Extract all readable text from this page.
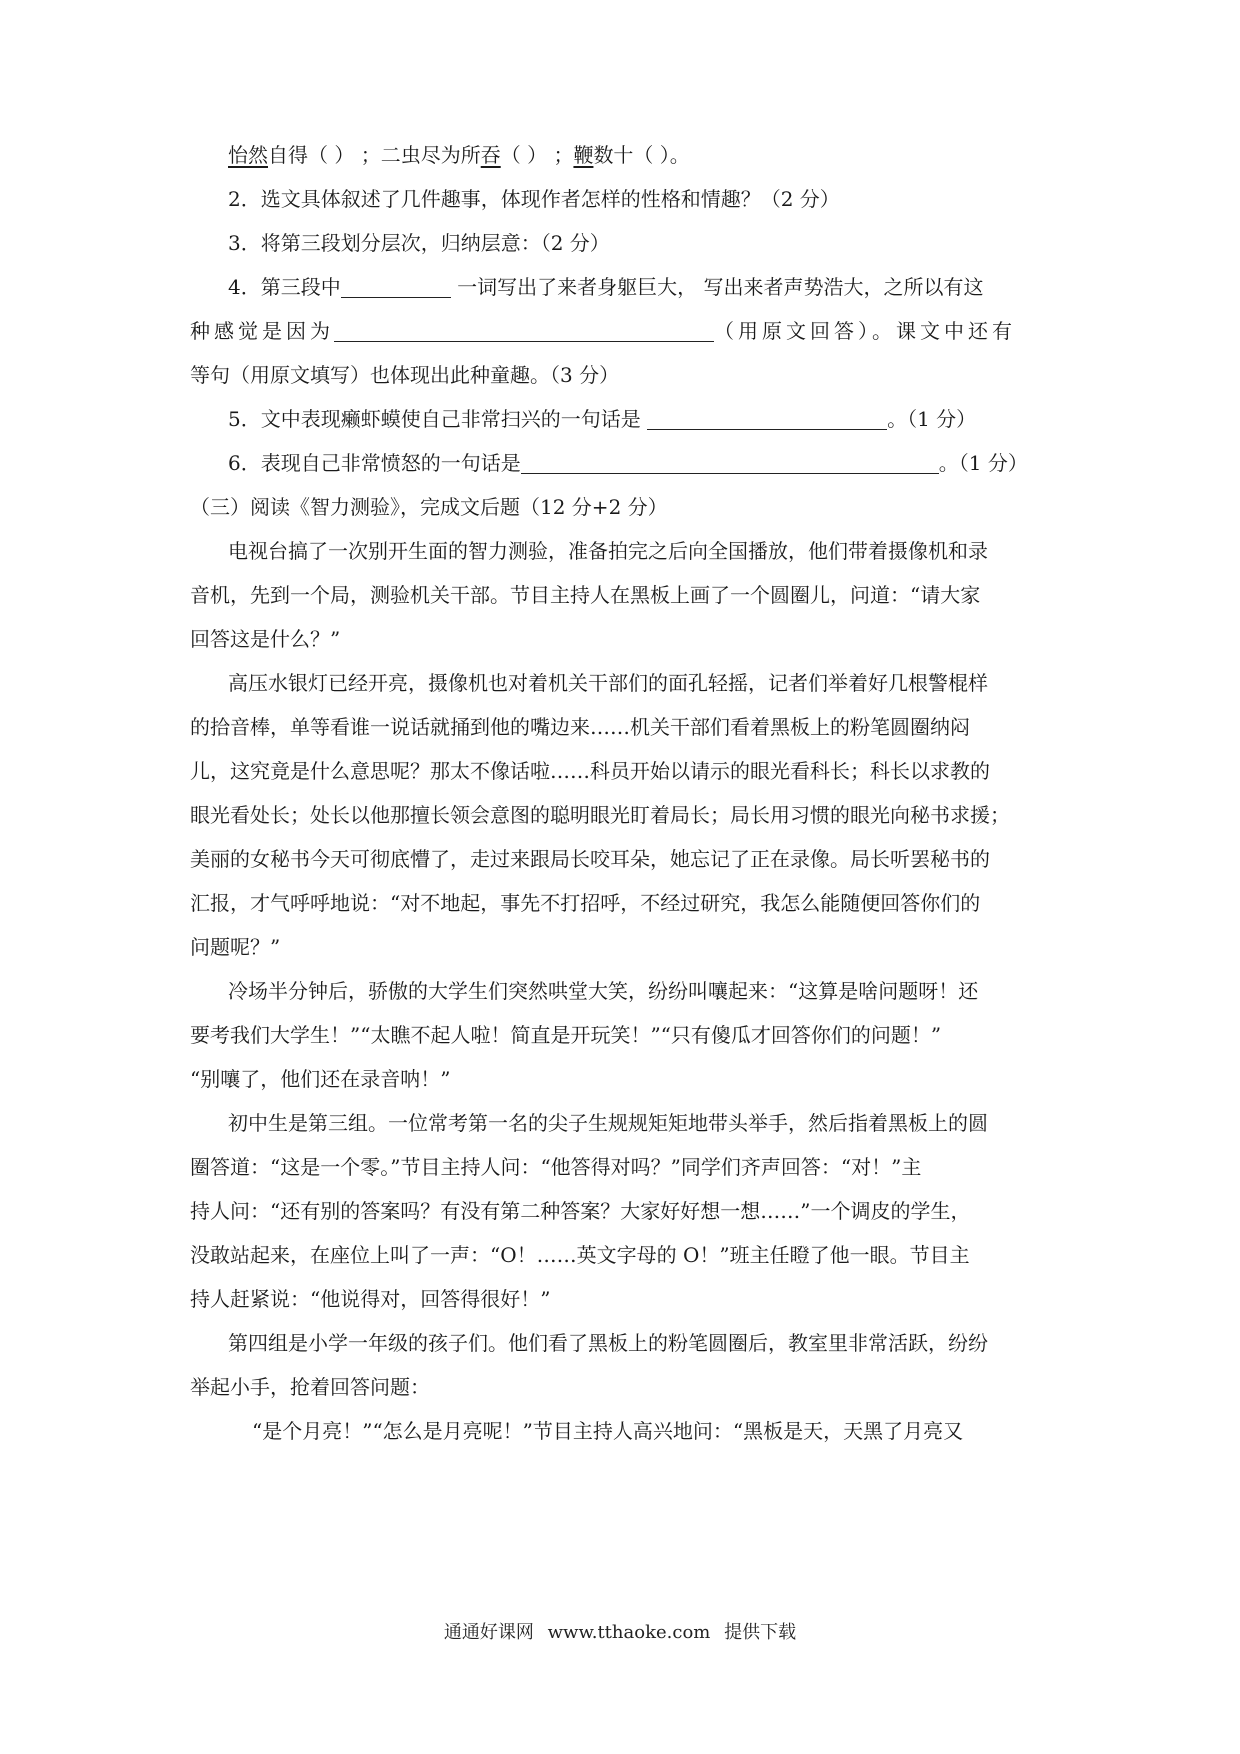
怡然自得（ ） ；二虫尽为所吞（ ） ；鞭数十（ ）。
2．选文具体叙述了几件趣事，体现作者怎样的性格和情趣？（2 分）
3．将第三段划分层次，归纳层意：（2 分）
4．第三段中	一词写出了来者身躯巨大， 写出来者声势浩大，之所以有这
种感觉是因为	（用原文回答）。课文中还有
等句（用原文填写）也体现出此种童趣。（3 分）
5．文中表现癞虾蟆使自己非常扫兴的一句话是	。（1 分）
6．表现自己非常愤怒的一句话是	。（1 分）
（三）阅读《智力测验》，完成文后题（12 分+2 分）
电视台搞了一次别开生面的智力测验，准备拍完之后向全国播放，他们带着摄像机和录
音机，先到一个局，测验机关干部。节目主持人在黑板上画了一个圆圈儿，问道：“请大家
回答这是什么？”
高压水银灯已经开亮，摄像机也对着机关干部们的面孔轻摇，记者们举着好几根警棍样
的拾音棒，单等看谁一说话就捅到他的嘴边来……机关干部们看着黑板上的粉笔圆圈纳闷
儿，这究竟是什么意思呢？那太不像话啦……科员开始以请示的眼光看科长；科长以求教的
眼光看处长；处长以他那擅长领会意图的聪明眼光盯着局长；局长用习惯的眼光向秘书求援；
美丽的女秘书今天可彻底懵了，走过来跟局长咬耳朵，她忘记了正在录像。局长听罢秘书的
汇报，才气呼呼地说：“对不地起，事先不打招呼，不经过研究，我怎么能随便回答你们的
问题呢？”
冷场半分钟后，骄傲的大学生们突然哄堂大笑，纷纷叫嚷起来：“这算是啥问题呀！还
要考我们大学生！”“太瞧不起人啦！简直是开玩笑！”“只有傻瓜才回答你们的问题！”
“别嚷了，他们还在录音呐！”
初中生是第三组。一位常考第一名的尖子生规规矩矩地带头举手，然后指着黑板上的圆
圈答道：“这是一个零。”节目主持人问：“他答得对吗？”同学们齐声回答：“对！”主
持人问：“还有别的答案吗？有没有第二种答案？大家好好想一想……”一个调皮的学生，
没敢站起来，在座位上叫了一声：“O！……英文字母的 O！”班主任瞪了他一眼。节目主
持人赶紧说：“他说得对，回答得很好！”
第四组是小学一年级的孩子们。他们看了黑板上的粉笔圆圈后，教室里非常活跃，纷纷
举起小手，抢着回答问题：
“是个月亮！”“怎么是月亮呢！”节目主持人高兴地问：“黑板是天，天黑了月亮又
通通好课网 www.tthaoke.com 提供下载
